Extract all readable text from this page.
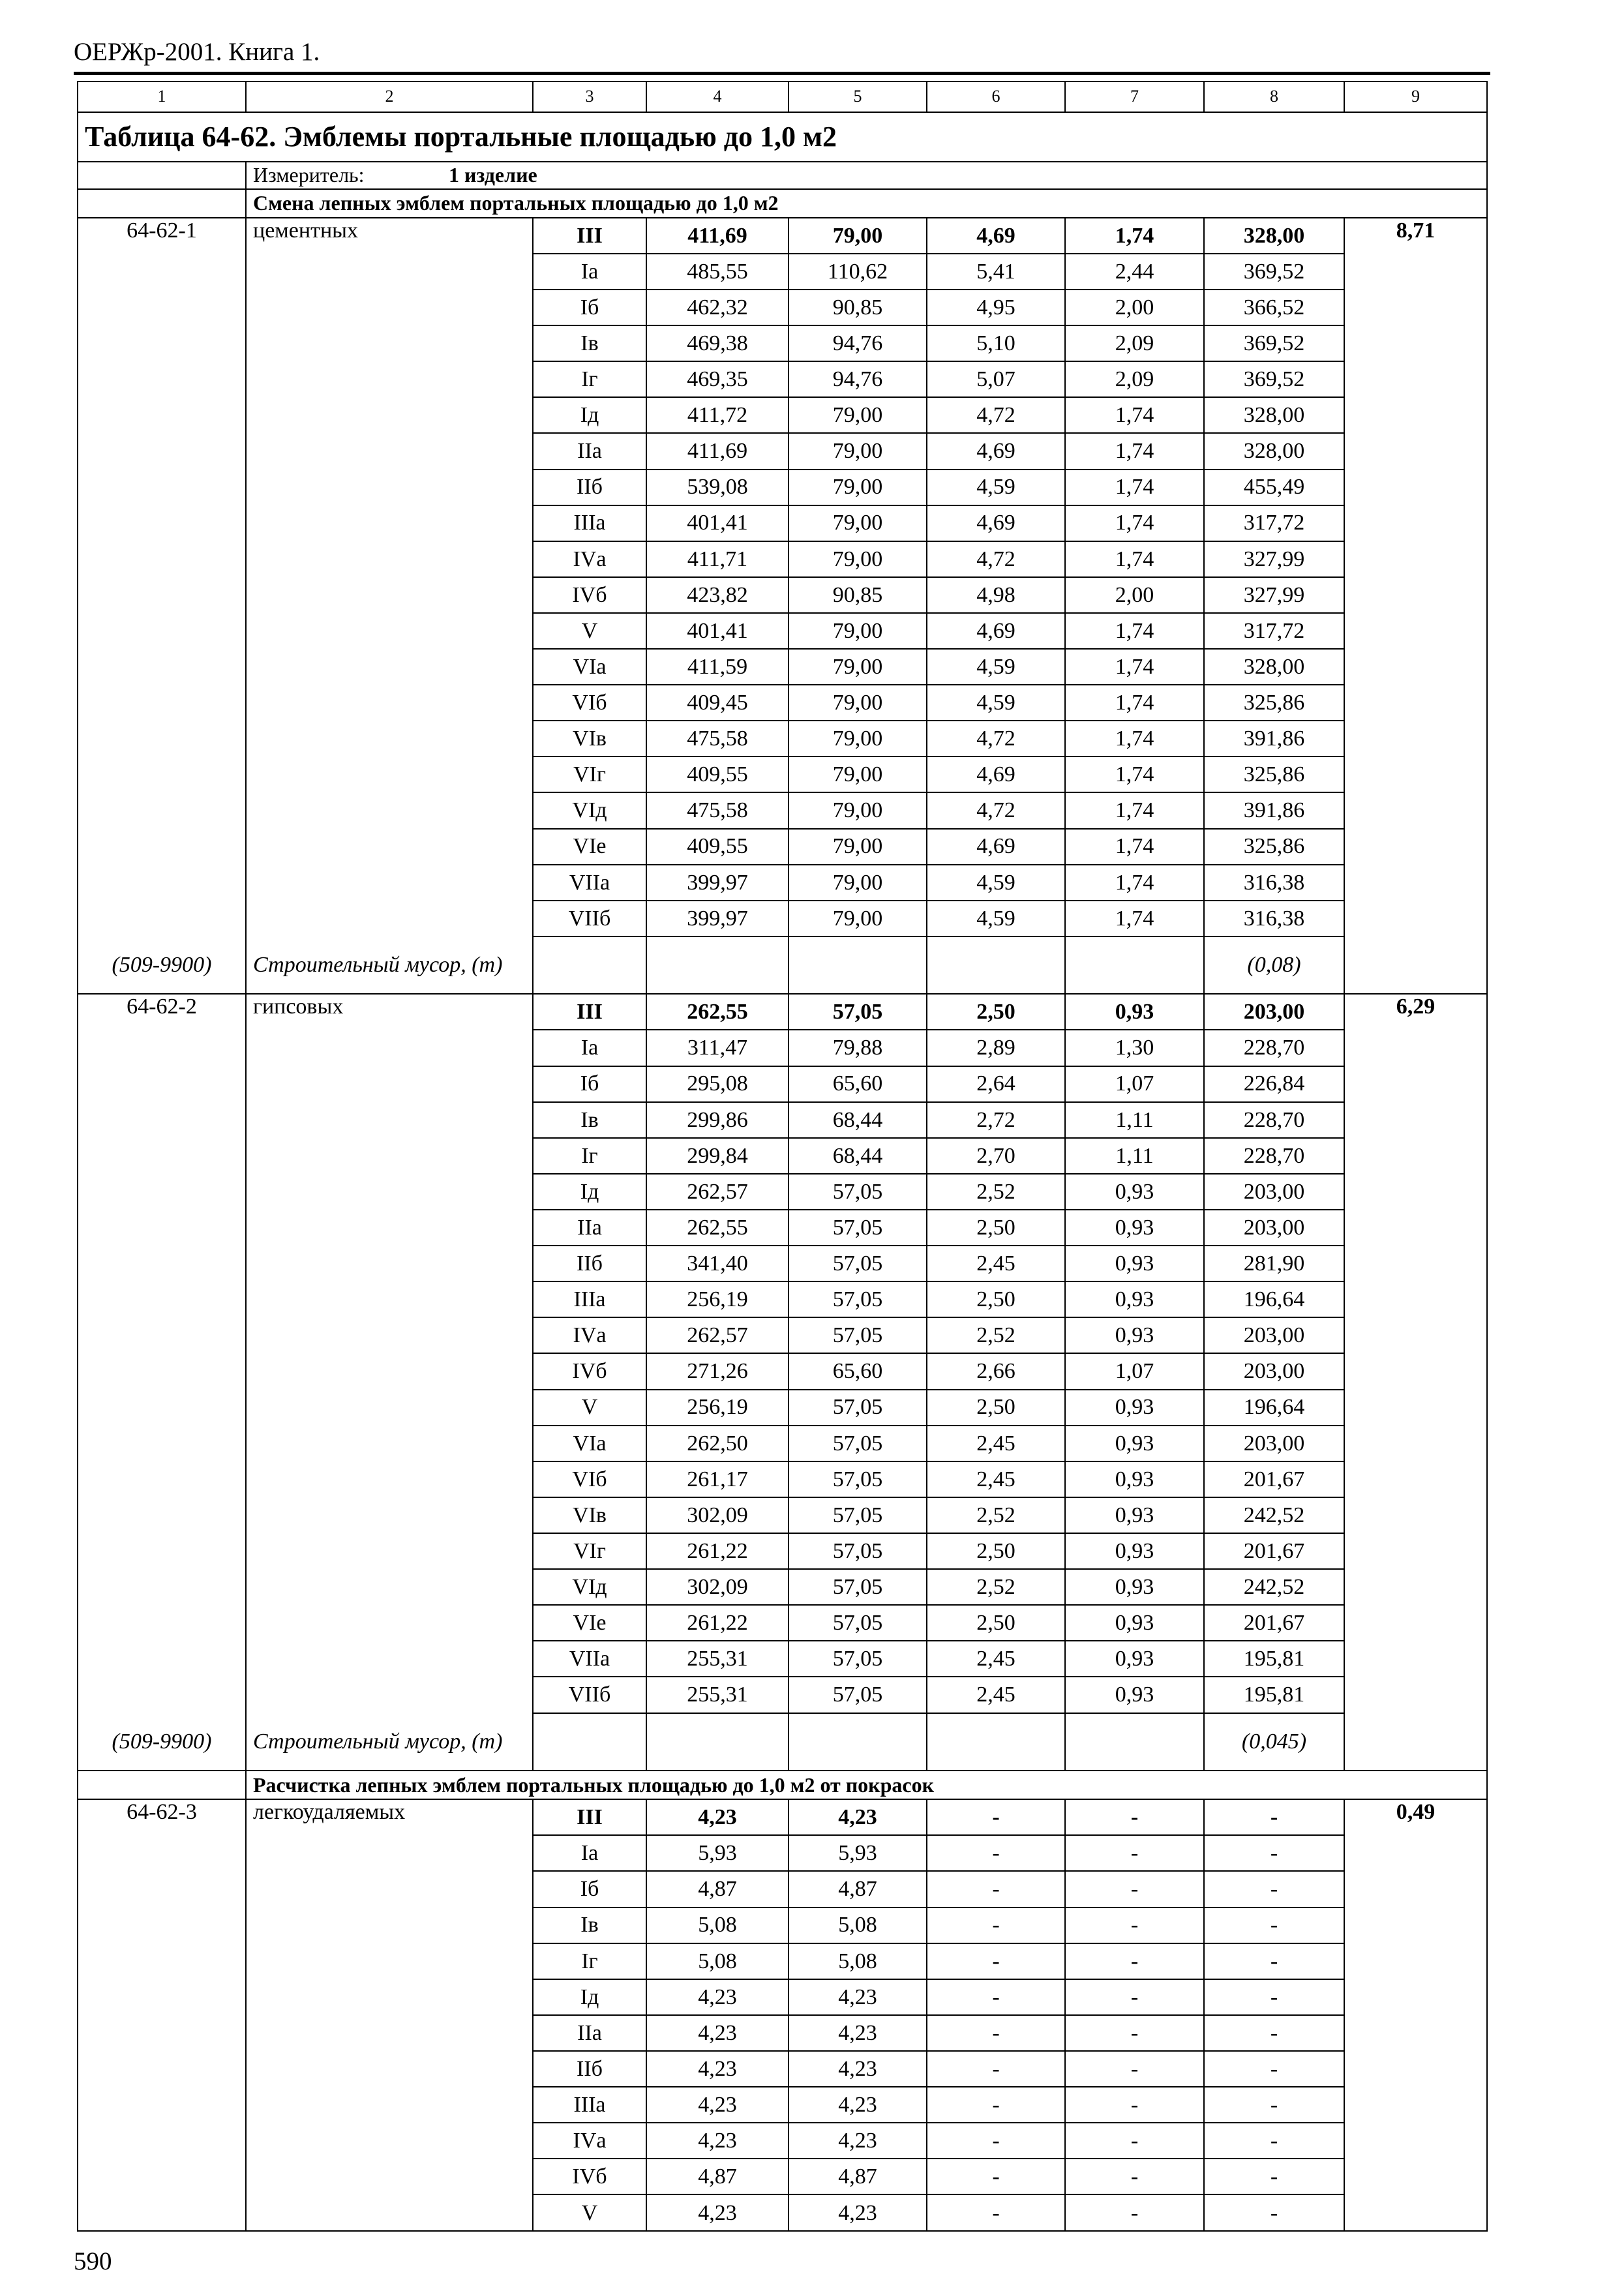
ОЕРЖр-2001. Книга 1.
1	2	3	4	5	6	7	8	9
Таблица 64-62. Эмблемы портальные площадью до 1,0 м2								
	Измеритель: 1 изделие							
	Смена лепных эмблем портальных площадью до 1,0 м2							
64-62-1	цементных	III	411,69	79,00	4,69	1,74	328,00	8,71
		Iа	485,55	110,62	5,41	2,44	369,52	
		Iб	462,32	90,85	4,95	2,00	366,52	
		Iв	469,38	94,76	5,10	2,09	369,52	
		Iг	469,35	94,76	5,07	2,09	369,52	
		Iд	411,72	79,00	4,72	1,74	328,00	
		IIа	411,69	79,00	4,69	1,74	328,00	
		IIб	539,08	79,00	4,59	1,74	455,49	
		IIIа	401,41	79,00	4,69	1,74	317,72	
		IVа	411,71	79,00	4,72	1,74	327,99	
		IVб	423,82	90,85	4,98	2,00	327,99	
		V	401,41	79,00	4,69	1,74	317,72	
		VIа	411,59	79,00	4,59	1,74	328,00	
		VIб	409,45	79,00	4,59	1,74	325,86	
		VIв	475,58	79,00	4,72	1,74	391,86	
		VIг	409,55	79,00	4,69	1,74	325,86	
		VIд	475,58	79,00	4,72	1,74	391,86	
		VIе	409,55	79,00	4,69	1,74	325,86	
		VIIа	399,97	79,00	4,59	1,74	316,38	
		VIIб	399,97	79,00	4,59	1,74	316,38	
(509-9900)	Строительный мусор, (т)						(0,08)	
64-62-2	гипсовых	III	262,55	57,05	2,50	0,93	203,00	6,29
		Iа	311,47	79,88	2,89	1,30	228,70	
		Iб	295,08	65,60	2,64	1,07	226,84	
		Iв	299,86	68,44	2,72	1,11	228,70	
		Iг	299,84	68,44	2,70	1,11	228,70	
		Iд	262,57	57,05	2,52	0,93	203,00	
		IIа	262,55	57,05	2,50	0,93	203,00	
		IIб	341,40	57,05	2,45	0,93	281,90	
		IIIа	256,19	57,05	2,50	0,93	196,64	
		IVа	262,57	57,05	2,52	0,93	203,00	
		IVб	271,26	65,60	2,66	1,07	203,00	
		V	256,19	57,05	2,50	0,93	196,64	
		VIа	262,50	57,05	2,45	0,93	203,00	
		VIб	261,17	57,05	2,45	0,93	201,67	
		VIв	302,09	57,05	2,52	0,93	242,52	
		VIг	261,22	57,05	2,50	0,93	201,67	
		VIд	302,09	57,05	2,52	0,93	242,52	
		VIе	261,22	57,05	2,50	0,93	201,67	
		VIIа	255,31	57,05	2,45	0,93	195,81	
		VIIб	255,31	57,05	2,45	0,93	195,81	
(509-9900)	Строительный мусор, (т)						(0,045)	
	Расчистка лепных эмблем портальных площадью до 1,0 м2 от покрасок							
64-62-3	легкоудаляемых	III	4,23	4,23	-	-	-	0,49
		Iа	5,93	5,93	-	-	-	
		Iб	4,87	4,87	-	-	-	
		Iв	5,08	5,08	-	-	-	
		Iг	5,08	5,08	-	-	-	
		Iд	4,23	4,23	-	-	-	
		IIа	4,23	4,23	-	-	-	
		IIб	4,23	4,23	-	-	-	
		IIIа	4,23	4,23	-	-	-	
		IVа	4,23	4,23	-	-	-	
		IVб	4,87	4,87	-	-	-	
		V	4,23	4,23	-	-	-	
590
